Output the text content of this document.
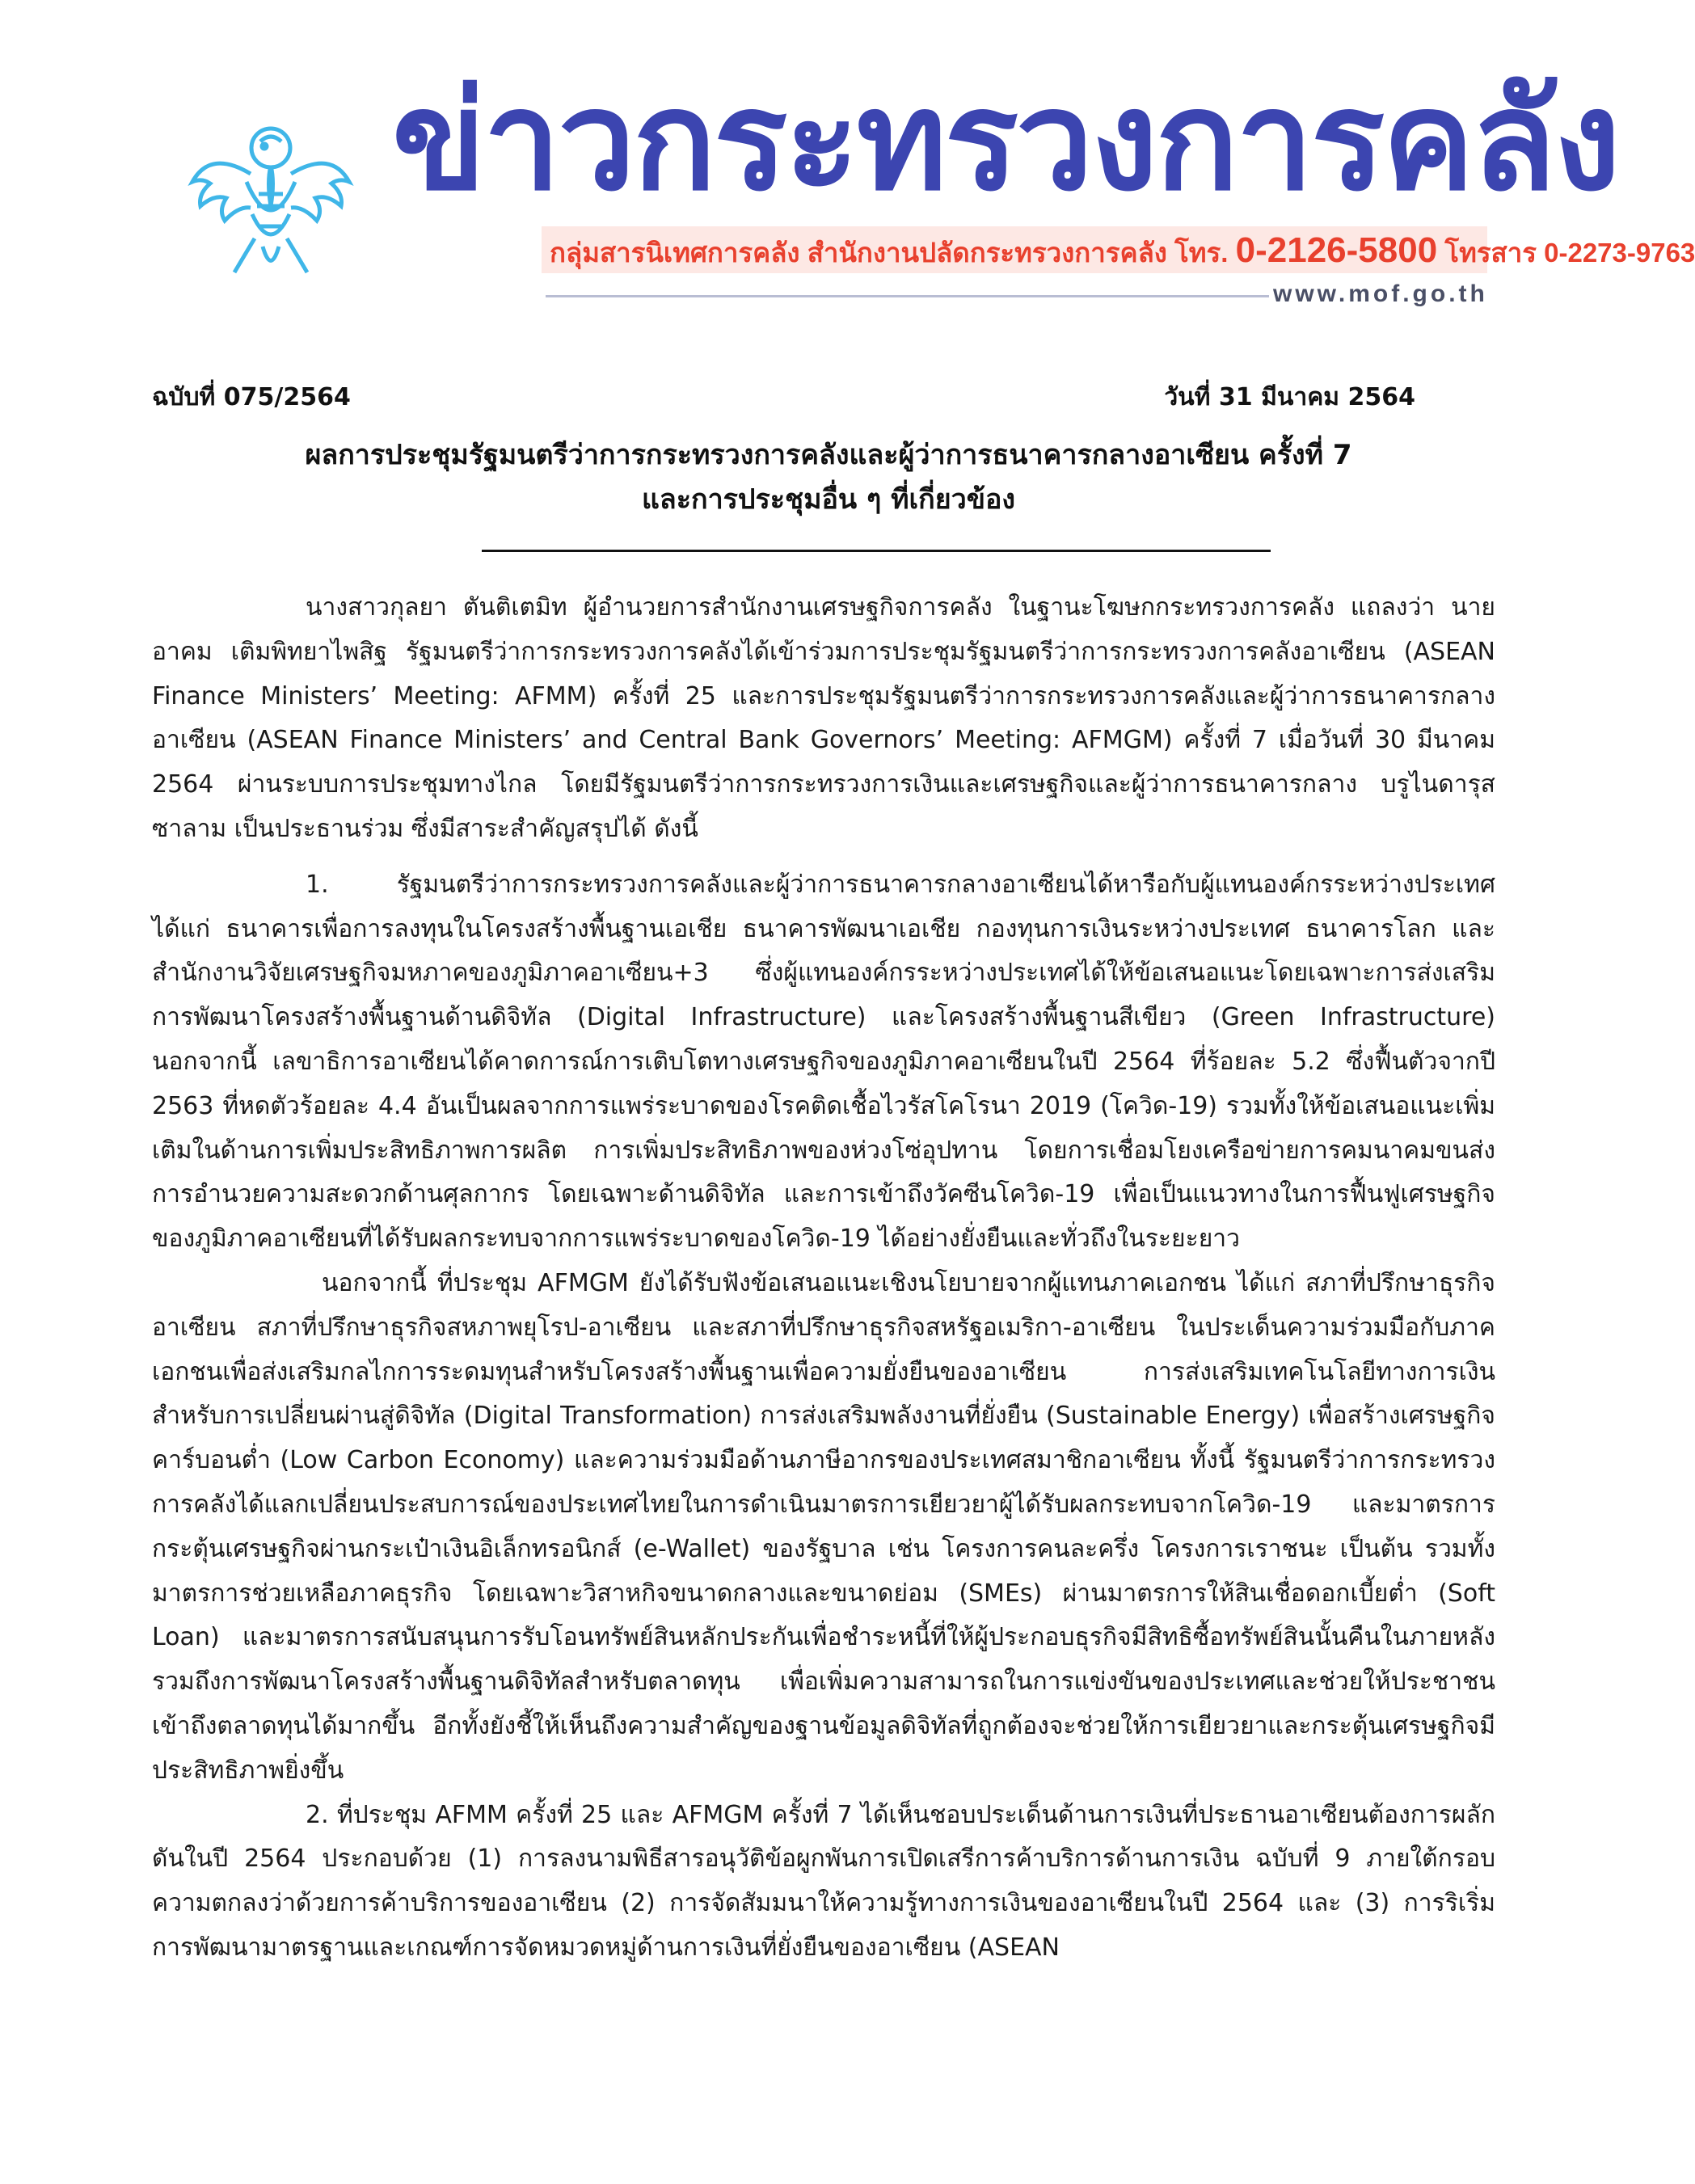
ข่าวกระทรวงการคลัง
กลุ่มสารนิเทศการคลัง สำนักงานปลัดกระทรวงการคลัง โทร. 0-2126-5800 โทรสาร 0-2273-9763
www.mof.go.th
ฉบับที่ 075/2564	วันที่ 31 มีนาคม 2564
ผลการประชุมรัฐมนตรีว่าการกระทรวงการคลังและผู้ว่าการธนาคารกลางอาเซียน ครั้งที่ 7
และการประชุมอื่น ๆ ที่เกี่ยวข้อง

นางสาวกุลยา ตันติเตมิท ผู้อำนวยการสำนักงานเศรษฐกิจการคลัง ในฐานะโฆษกกระทรวงการคลัง แถลงว่า นายอาคม เติมพิทยาไพสิฐ รัฐมนตรีว่าการกระทรวงการคลังได้เข้าร่วมการประชุมรัฐมนตรีว่าการกระทรวงการคลังอาเซียน (ASEAN Finance Ministers’ Meeting: AFMM) ครั้งที่ 25 และการประชุมรัฐมนตรีว่าการกระทรวงการคลังและผู้ว่าการธนาคารกลางอาเซียน (ASEAN Finance Ministers’ and Central Bank Governors’ Meeting: AFMGM) ครั้งที่ 7 เมื่อวันที่ 30 มีนาคม 2564 ผ่านระบบการประชุมทางไกล โดยมีรัฐมนตรีว่าการกระทรวงการเงินและเศรษฐกิจและผู้ว่าการธนาคารกลาง บรูไนดารุสซาลาม เป็นประธานร่วม ซึ่งมีสาระสำคัญสรุปได้ ดังนี้

1. รัฐมนตรีว่าการกระทรวงการคลังและผู้ว่าการธนาคารกลางอาเซียนได้หารือกับผู้แทนองค์กรระหว่างประเทศ ได้แก่ ธนาคารเพื่อการลงทุนในโครงสร้างพื้นฐานเอเชีย ธนาคารพัฒนาเอเชีย กองทุนการเงินระหว่างประเทศ ธนาคารโลก และสำนักงานวิจัยเศรษฐกิจมหภาคของภูมิภาคอาเซียน+3 ซึ่งผู้แทนองค์กรระหว่างประเทศได้ให้ข้อเสนอแนะโดยเฉพาะการส่งเสริมการพัฒนาโครงสร้างพื้นฐานด้านดิจิทัล (Digital Infrastructure) และโครงสร้างพื้นฐานสีเขียว (Green Infrastructure) นอกจากนี้ เลขาธิการอาเซียนได้คาดการณ์การเติบโตทางเศรษฐกิจของภูมิภาคอาเซียนในปี 2564 ที่ร้อยละ 5.2 ซึ่งฟื้นตัวจากปี 2563 ที่หดตัวร้อยละ 4.4 อันเป็นผลจากการแพร่ระบาดของโรคติดเชื้อไวรัสโคโรนา 2019 (โควิด-19) รวมทั้งให้ข้อเสนอแนะเพิ่มเติมในด้านการเพิ่มประสิทธิภาพการผลิต การเพิ่มประสิทธิภาพของห่วงโซ่อุปทาน โดยการเชื่อมโยงเครือข่ายการคมนาคมขนส่ง การอำนวยความสะดวกด้านศุลกากร โดยเฉพาะด้านดิจิทัล และการเข้าถึงวัคซีนโควิด-19 เพื่อเป็นแนวทางในการฟื้นฟูเศรษฐกิจของภูมิภาคอาเซียนที่ได้รับผลกระทบจากการแพร่ระบาดของโควิด-19 ได้อย่างยั่งยืนและทั่วถึงในระยะยาว

นอกจากนี้ ที่ประชุม AFMGM ยังได้รับฟังข้อเสนอแนะเชิงนโยบายจากผู้แทนภาคเอกชน ได้แก่ สภาที่ปรึกษาธุรกิจอาเซียน สภาที่ปรึกษาธุรกิจสหภาพยุโรป-อาเซียน และสภาที่ปรึกษาธุรกิจสหรัฐอเมริกา-อาเซียน ในประเด็นความร่วมมือกับภาคเอกชนเพื่อส่งเสริมกลไกการระดมทุนสำหรับโครงสร้างพื้นฐานเพื่อความยั่งยืนของอาเซียน การส่งเสริมเทคโนโลยีทางการเงินสำหรับการเปลี่ยนผ่านสู่ดิจิทัล (Digital Transformation) การส่งเสริมพลังงานที่ยั่งยืน (Sustainable Energy) เพื่อสร้างเศรษฐกิจคาร์บอนต่ำ (Low Carbon Economy) และความร่วมมือด้านภาษีอากรของประเทศสมาชิกอาเซียน ทั้งนี้ รัฐมนตรีว่าการกระทรวงการคลังได้แลกเปลี่ยนประสบการณ์ของประเทศไทยในการดำเนินมาตรการเยียวยาผู้ได้รับผลกระทบจากโควิด-19 และมาตรการกระตุ้นเศรษฐกิจผ่านกระเป๋าเงินอิเล็กทรอนิกส์ (e-Wallet) ของรัฐบาล เช่น โครงการคนละครึ่ง โครงการเราชนะ เป็นต้น รวมทั้งมาตรการช่วยเหลือภาคธุรกิจ โดยเฉพาะวิสาหกิจขนาดกลางและขนาดย่อม (SMEs) ผ่านมาตรการให้สินเชื่อดอกเบี้ยต่ำ (Soft Loan) และมาตรการสนับสนุนการรับโอนทรัพย์สินหลักประกันเพื่อชำระหนี้ที่ให้ผู้ประกอบธุรกิจมีสิทธิซื้อทรัพย์สินนั้นคืนในภายหลัง รวมถึงการพัฒนาโครงสร้างพื้นฐานดิจิทัลสำหรับตลาดทุน เพื่อเพิ่มความสามารถในการแข่งขันของประเทศและช่วยให้ประชาชนเข้าถึงตลาดทุนได้มากขึ้น อีกทั้งยังชี้ให้เห็นถึงความสำคัญของฐานข้อมูลดิจิทัลที่ถูกต้องจะช่วยให้การเยียวยาและกระตุ้นเศรษฐกิจมีประสิทธิภาพยิ่งขึ้น

2. ที่ประชุม AFMM ครั้งที่ 25 และ AFMGM ครั้งที่ 7 ได้เห็นชอบประเด็นด้านการเงินที่ประธานอาเซียนต้องการผลักดันในปี 2564 ประกอบด้วย (1) การลงนามพิธีสารอนุวัติข้อผูกพันการเปิดเสรีการค้าบริการด้านการเงิน ฉบับที่ 9 ภายใต้กรอบความตกลงว่าด้วยการค้าบริการของอาเซียน (2) การจัดสัมมนาให้ความรู้ทางการเงินของอาเซียนในปี 2564 และ (3) การริเริ่มการพัฒนามาตรฐานและเกณฑ์การจัดหมวดหมู่ด้านการเงินที่ยั่งยืนของอาเซียน (ASEAN
